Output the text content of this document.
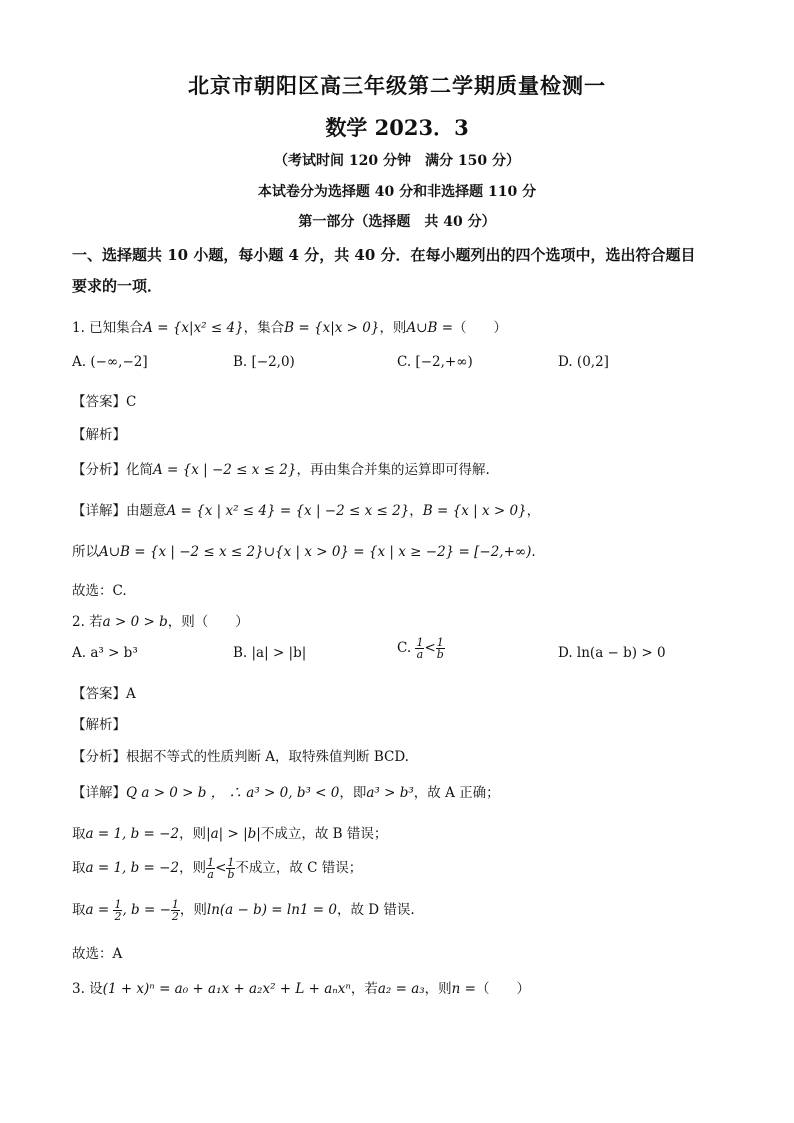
北京市朝阳区高三年级第二学期质量检测一
数学 2023．3
（考试时间 120 分钟　满分 150 分）
本试卷分为选择题 40 分和非选择题 110 分
第一部分（选择题　共 40 分）
一、选择题共 10 小题，每小题 4 分，共 40 分．在每小题列出的四个选项中，选出符合题目
要求的一项．
1. 已知集合A = {x|x² ≤ 4}，集合B = {x|x > 0}，则A∪B =（　　）
A. (−∞,−2]	B. [−2,0)	C. [−2,+∞)	D. (0,2]
【答案】C
【解析】
【分析】化简A = {x | −2 ≤ x ≤ 2}，再由集合并集的运算即可得解.
【详解】由题意A = {x | x² ≤ 4} = {x | −2 ≤ x ≤ 2}，B = {x | x > 0}，
所以A∪B = {x | −2 ≤ x ≤ 2}∪{x | x > 0} = {x | x ≥ −2} = [−2,+∞).
故选：C.
2. 若a > 0 > b，则（　　）
A. a³ > b³	B. |a| > |b|	C. $\frac{1}{a} < \frac{1}{b}$	D. ln(a − b) > 0
【答案】A
【解析】
【分析】根据不等式的性质判断 A，取特殊值判断 BCD.
【详解】Q a > 0 > b ， ∴ a³ > 0, b³ < 0，即a³ > b³，故 A 正确；
取a = 1, b = −2，则|a| > |b|不成立，故 B 错误；
取a = 1, b = −2，则 $\frac{1}{a} < \frac{1}{b}$ 不成立，故 C 错误；
取$a = \frac{1}{2}$ , b = − $\frac{1}{2}$ ，则ln(a − b) = ln1 = 0，故 D 错误.
故选：A
3. 设(1 + x)ⁿ = a₀ + a₁x + a₂x² + L + aₙxⁿ，若a₂ = a₃，则n =（　　）
